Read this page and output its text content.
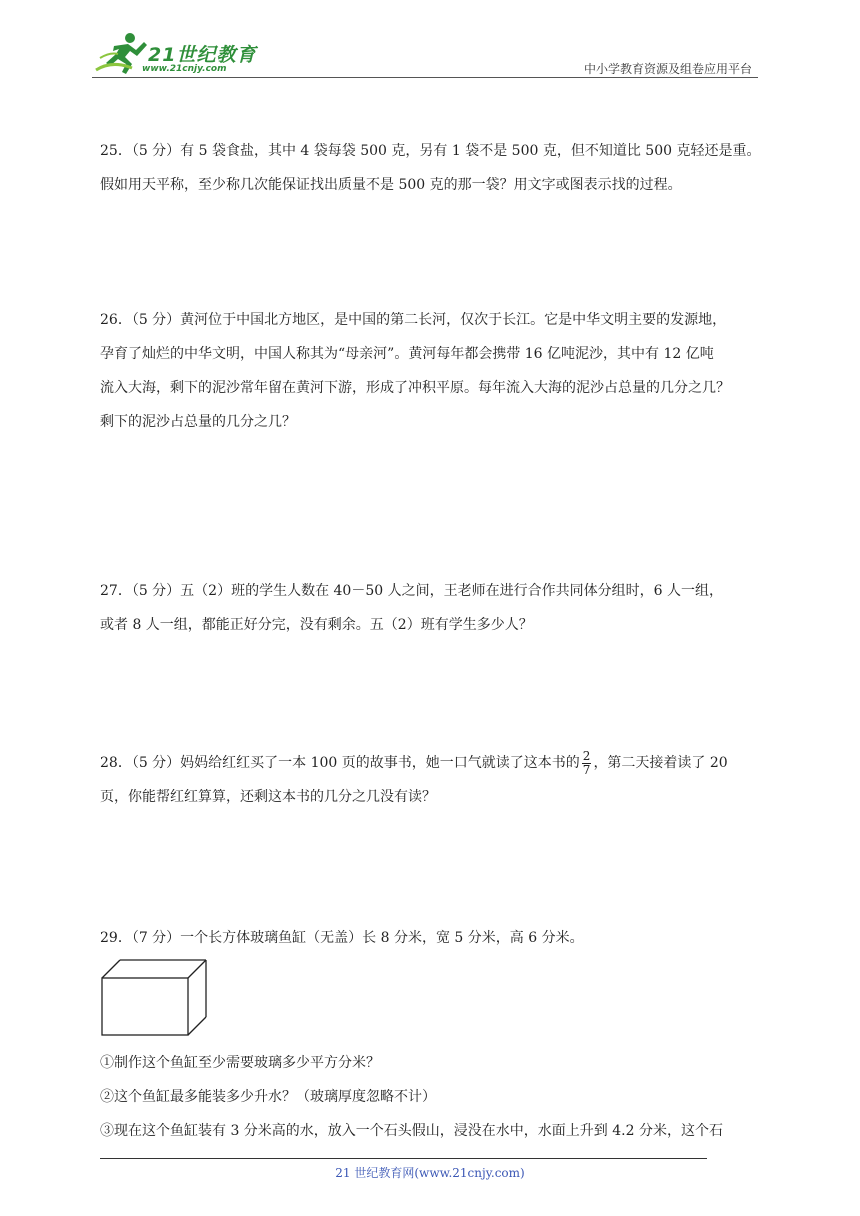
21世纪教育
www.21cnjy.com	中小学教育资源及组卷应用平台

25．（5 分）有 5 袋食盐，其中 4 袋每袋 500 克，另有 1 袋不是 500 克，但不知道比 500 克轻还是重。

假如用天平称，至少称几次能保证找出质量不是 500 克的那一袋？用文字或图表示找的过程。

26．（5 分）黄河位于中国北方地区，是中国的第二长河，仅次于长江。它是中华文明主要的发源地，

孕育了灿烂的中华文明，中国人称其为“母亲河”。黄河每年都会携带 16 亿吨泥沙，其中有 12 亿吨

流入大海，剩下的泥沙常年留在黄河下游，形成了冲积平原。每年流入大海的泥沙占总量的几分之几？

剩下的泥沙占总量的几分之几？

27．（5 分）五（2）班的学生人数在 40－50 人之间，王老师在进行合作共同体分组时，6 人一组，

或者 8 人一组，都能正好分完，没有剩余。五（2）班有学生多少人？

28．（5 分）妈妈给红红买了一本 100 页的故事书，她一口气就读了这本书的 $\frac{2}{7}$ ，第二天接着读了 20

页，你能帮红红算算，还剩这本书的几分之几没有读？

29．（7 分）一个长方体玻璃鱼缸（无盖）长 8 分米，宽 5 分米，高 6 分米。

①制作这个鱼缸至少需要玻璃多少平方分米？
②这个鱼缸最多能装多少升水？（玻璃厚度忽略不计）
③现在这个鱼缸装有 3 分米高的水，放入一个石头假山，浸没在水中，水面上升到 4.2 分米，这个石
21 世纪教育网(www.21cnjy.com)
